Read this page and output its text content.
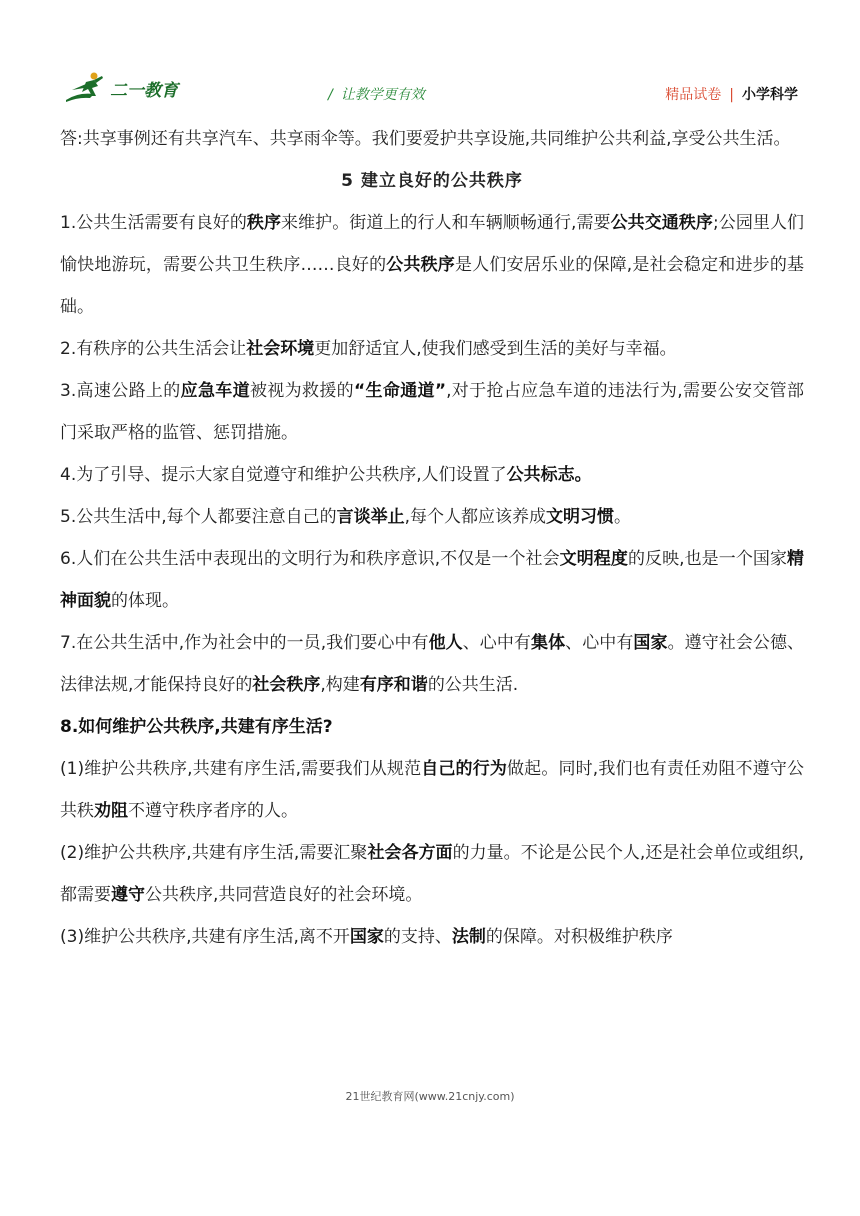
二一教育	/ 让教学更有效	精品试卷 | 小学科学

答:共享事例还有共享汽车、共享雨伞等。我们要爱护共享设施,共同维护公共利益,享受公共生活。

5 建立良好的公共秩序

1.公共生活需要有良好的秩序来维护。街道上的行人和车辆顺畅通行,需要公共交通秩序;公园里人们愉快地游玩，需要公共卫生秩序……良好的公共秩序是人们安居乐业的保障,是社会稳定和进步的基础。

2.有秩序的公共生活会让社会环境更加舒适宜人,使我们感受到生活的美好与幸福。

3.高速公路上的应急车道被视为救援的“生命通道”,对于抢占应急车道的违法行为,需要公安交管部门采取严格的监管、惩罚措施。

4.为了引导、提示大家自觉遵守和维护公共秩序,人们设置了公共标志。

5.公共生活中,每个人都要注意自己的言谈举止,每个人都应该养成文明习惯。

6.人们在公共生活中表现出的文明行为和秩序意识,不仅是一个社会文明程度的反映,也是一个国家精神面貌的体现。

7.在公共生活中,作为社会中的一员,我们要心中有他人、心中有集体、心中有国家。遵守社会公德、法律法规,才能保持良好的社会秩序,构建有序和谐的公共生活.

8.如何维护公共秩序,共建有序生活?

(1)维护公共秩序,共建有序生活,需要我们从规范自己的行为做起。同时,我们也有责任劝阻不遵守公共秩劝阻不遵守秩序者序的人。

(2)维护公共秩序,共建有序生活,需要汇聚社会各方面的力量。不论是公民个人,还是社会单位或组织,都需要遵守公共秩序,共同营造良好的社会环境。

(3)维护公共秩序,共建有序生活,离不开国家的支持、法制的保障。对积极维护秩序

21世纪教育网(www.21cnjy.com)
